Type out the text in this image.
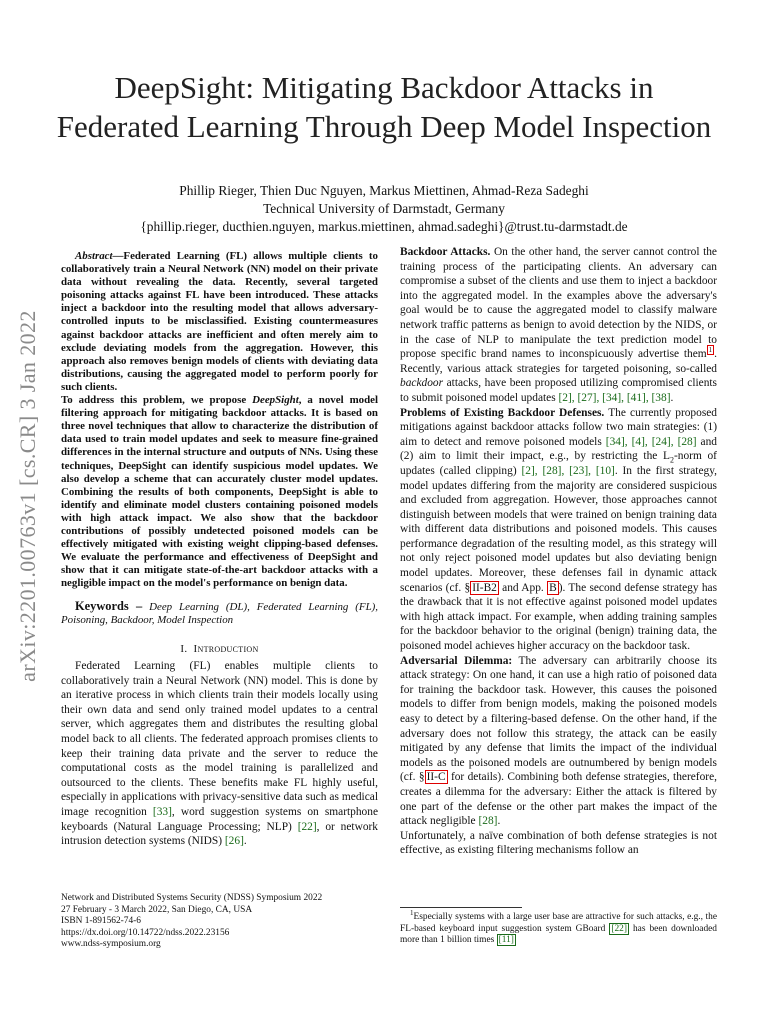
DeepSight: Mitigating Backdoor Attacks in
Federated Learning Through Deep Model Inspection
Phillip Rieger, Thien Duc Nguyen, Markus Miettinen, Ahmad-Reza Sadeghi
Technical University of Darmstadt, Germany
{phillip.rieger, ducthien.nguyen, markus.miettinen, ahmad.sadeghi}@trust.tu-darmstadt.de
arXiv:2201.00763v1 [cs.CR] 3 Jan 2022

Abstract—Federated Learning (FL) allows multiple clients to collaboratively train a Neural Network (NN) model on their private data without revealing the data. Recently, several targeted poisoning attacks against FL have been introduced. These attacks inject a backdoor into the resulting model that allows adversary-controlled inputs to be misclassified. Existing countermeasures against backdoor attacks are inefficient and often merely aim to exclude deviating models from the aggregation. However, this approach also removes benign models of clients with deviating data distributions, causing the aggregated model to perform poorly for such clients.

To address this problem, we propose DeepSight, a novel model filtering approach for mitigating backdoor attacks. It is based on three novel techniques that allow to characterize the distribution of data used to train model updates and seek to measure fine-grained differences in the internal structure and outputs of NNs. Using these techniques, DeepSight can identify suspicious model updates. We also develop a scheme that can accurately cluster model updates. Combining the results of both components, DeepSight is able to identify and eliminate model clusters containing poisoned models with high attack impact. We also show that the backdoor contributions of possibly undetected poisoned models can be effectively mitigated with existing weight clipping-based defenses. We evaluate the performance and effectiveness of DeepSight and show that it can mitigate state-of-the-art backdoor attacks with a negligible impact on the model's performance on benign data.

Keywords – Deep Learning (DL), Federated Learning (FL), Poisoning, Backdoor, Model Inspection
I. Introduction

Federated Learning (FL) enables multiple clients to collaboratively train a Neural Network (NN) model. This is done by an iterative process in which clients train their models locally using their own data and send only trained model updates to a central server, which aggregates them and distributes the resulting global model back to all clients. The federated approach promises clients to keep their training data private and the server to reduce the computational costs as the model training is parallelized and outsourced to the clients. These benefits make FL highly useful, especially in applications with privacy-sensitive data such as medical image recognition [33], word suggestion systems on smartphone keyboards (Natural Language Processing; NLP) [22], or network intrusion detection systems (NIDS) [26].

Backdoor Attacks. On the other hand, the server cannot control the training process of the participating clients. An adversary can compromise a subset of the clients and use them to inject a backdoor into the aggregated model. In the examples above the adversary's goal would be to cause the aggregated model to classify malware network traffic patterns as benign to avoid detection by the NIDS, or in the case of NLP to manipulate the text prediction model to propose specific brand names to inconspicuously advertise them $^1$ . Recently, various attack strategies for targeted poisoning, so-called backdoor attacks, have been proposed utilizing compromised clients to submit poisoned model updates [2], [27], [34], [41], [38].

Problems of Existing Backdoor Defenses. The currently proposed mitigations against backdoor attacks follow two main strategies: (1) aim to detect and remove poisoned models [34], [4], [24], [28] and (2) aim to limit their impact, e.g., by restricting the $L_2$-norm of updates (called clipping) [2], [28], [23], [10]. In the first strategy, model updates differing from the majority are considered suspicious and excluded from aggregation. However, those approaches cannot distinguish between models that were trained on benign training data with different data distributions and poisoned models. This causes performance degradation of the resulting model, as this strategy will not only reject poisoned model updates but also deviating benign model updates. Moreover, these defenses fail in dynamic attack scenarios (cf. § II-B2 and App. B ). The second defense strategy has the drawback that it is not effective against poisoned model updates with high attack impact. For example, when adding training samples for the backdoor behavior to the original (benign) training data, the poisoned model achieves higher accuracy on the backdoor task.

Adversarial Dilemma: The adversary can arbitrarily choose its attack strategy: On one hand, it can use a high ratio of poisoned data for training the backdoor task. However, this causes the poisoned models to differ from benign models, making the poisoned models easy to detect by a filtering-based defense. On the other hand, if the adversary does not follow this strategy, the attack can be easily mitigated by any defense that limits the impact of the individual models as the poisoned models are outnumbered by benign models (cf. § II-C for details). Combining both defense strategies, therefore, creates a dilemma for the adversary: Either the attack is filtered by one part of the defense or the other part makes the impact of the attack negligible [28].

Unfortunately, a naïve combination of both defense strategies is not effective, as existing filtering mechanisms follow an

Network and Distributed Systems Security (NDSS) Symposium 2022
27 February - 3 March 2022, San Diego, CA, USA
ISBN 1-891562-74-6
https://dx.doi.org/10.14722/ndss.2022.23156
www.ndss-symposium.org

$^1$Especially systems with a large user base are attractive for such attacks, e.g., the FL-based keyboard input suggestion system GBoard [22] has been downloaded more than 1 billion times [11]
